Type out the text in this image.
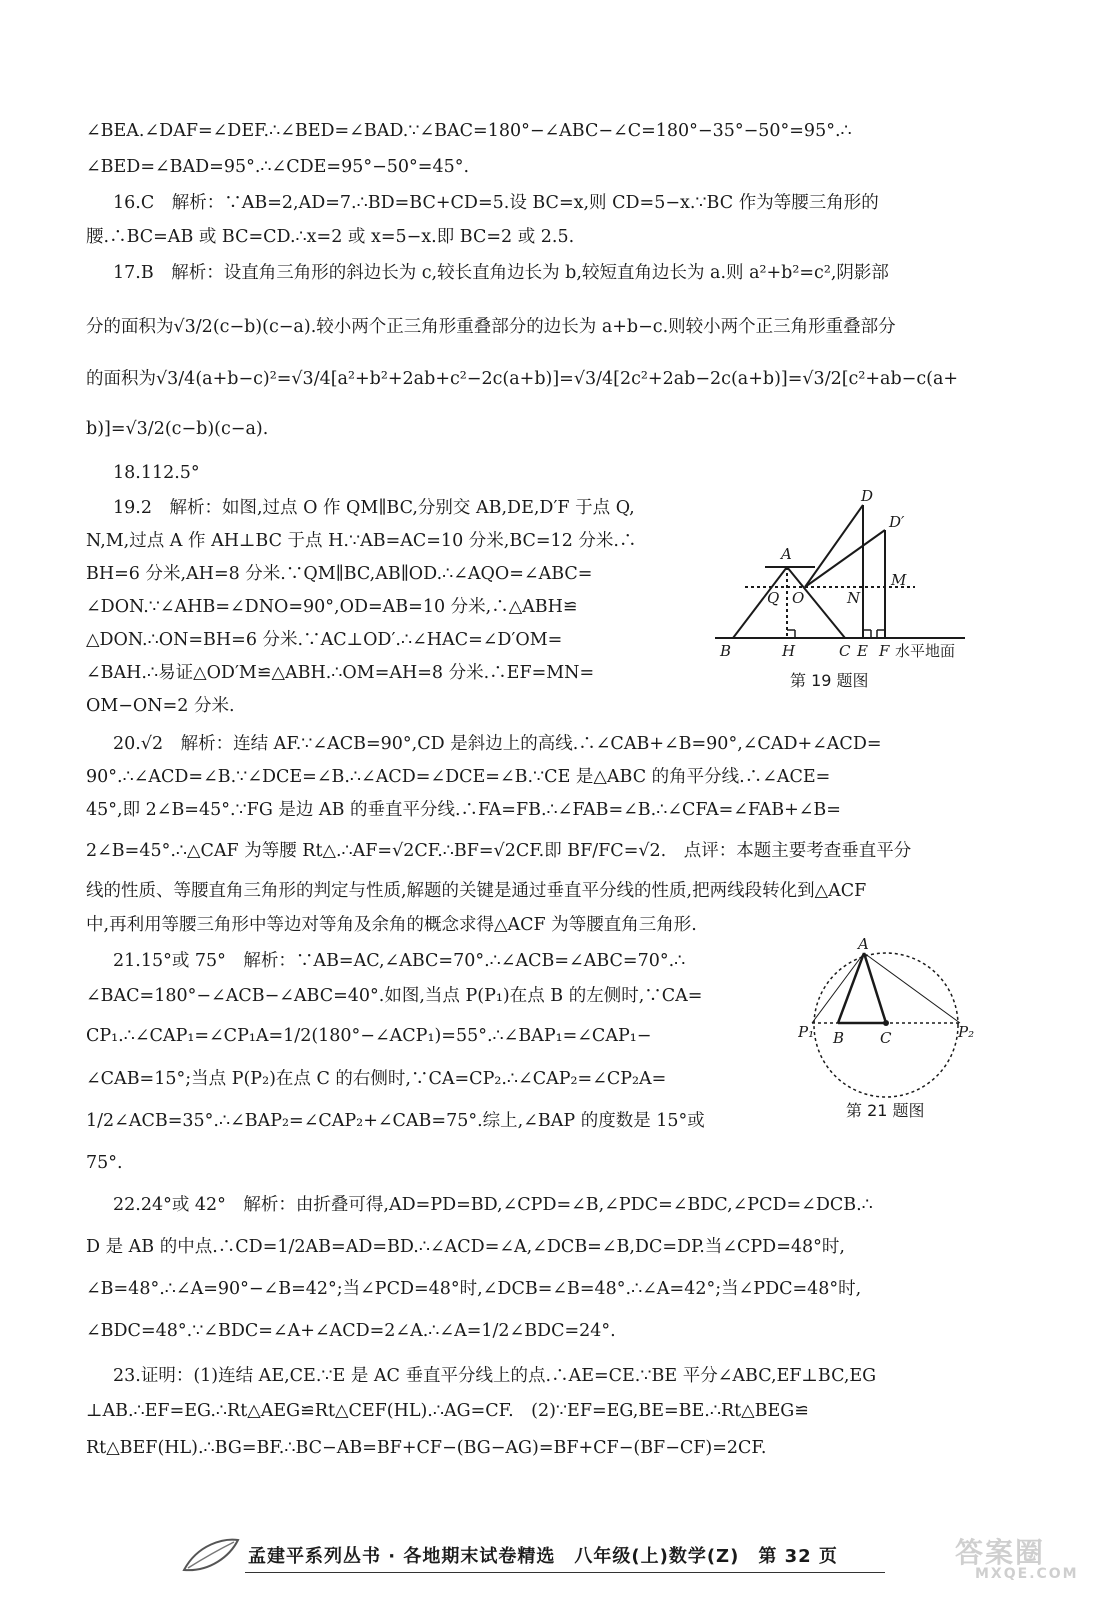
∠BEA.∠DAF=∠DEF.∴∠BED=∠BAD.∵∠BAC=180°−∠ABC−∠C=180°−35°−50°=95°.∴
∠BED=∠BAD=95°.∴∠CDE=95°−50°=45°.
16.C　解析：∵AB=2,AD=7.∴BD=BC+CD=5.设 BC=x,则 CD=5−x.∵BC 作为等腰三角形的
腰.∴BC=AB 或 BC=CD.∴x=2 或 x=5−x.即 BC=2 或 2.5.
17.B　解析：设直角三角形的斜边长为 c,较长直角边长为 b,较短直角边长为 a.则 a²+b²=c²,阴影部
分的面积为√3/2(c−b)(c−a).较小两个正三角形重叠部分的边长为 a+b−c.则较小两个正三角形重叠部分
的面积为√3/4(a+b−c)²=√3/4[a²+b²+2ab+c²−2c(a+b)]=√3/4[2c²+2ab−2c(a+b)]=√3/2[c²+ab−c(a+
b)]=√3/2(c−b)(c−a).
18.112.5°
19.2　解析：如图,过点 O 作 QM∥BC,分别交 AB,DE,D′F 于点 Q,
N,M,过点 A 作 AH⊥BC 于点 H.∵AB=AC=10 分米,BC=12 分米.∴
BH=6 分米,AH=8 分米.∵QM∥BC,AB∥OD.∴∠AQO=∠ABC=
∠DON.∵∠AHB=∠DNO=90°,OD=AB=10 分米,∴△ABH≌
△DON.∴ON=BH=6 分米.∵AC⊥OD′.∴∠HAC=∠D′OM=
∠BAH.∴易证△OD′M≌△ABH.∴OM=AH=8 分米.∴EF=MN=
OM−ON=2 分米.
20.√2　解析：连结 AF.∵∠ACB=90°,CD 是斜边上的高线.∴∠CAB+∠B=90°,∠CAD+∠ACD=
90°.∴∠ACD=∠B.∵∠DCE=∠B.∴∠ACD=∠DCE=∠B.∵CE 是△ABC 的角平分线.∴∠ACE=
45°,即 2∠B=45°.∵FG 是边 AB 的垂直平分线.∴FA=FB.∴∠FAB=∠B.∴∠CFA=∠FAB+∠B=
2∠B=45°.∴△CAF 为等腰 Rt△.∴AF=√2CF.∴BF=√2CF.即 BF/FC=√2.　点评：本题主要考查垂直平分
线的性质、等腰直角三角形的判定与性质,解题的关键是通过垂直平分线的性质,把两线段转化到△ACF
中,再利用等腰三角形中等边对等角及余角的概念求得△ACF 为等腰直角三角形.
21.15°或 75°　解析：∵AB=AC,∠ABC=70°.∴∠ACB=∠ABC=70°.∴
∠BAC=180°−∠ACB−∠ABC=40°.如图,当点 P(P₁)在点 B 的左侧时,∵CA=
CP₁.∴∠CAP₁=∠CP₁A=1/2(180°−∠ACP₁)=55°.∴∠BAP₁=∠CAP₁−
∠CAB=15°;当点 P(P₂)在点 C 的右侧时,∵CA=CP₂.∴∠CAP₂=∠CP₂A=
1/2∠ACB=35°.∴∠BAP₂=∠CAP₂+∠CAB=75°.综上,∠BAP 的度数是 15°或
75°.
22.24°或 42°　解析：由折叠可得,AD=PD=BD,∠CPD=∠B,∠PDC=∠BDC,∠PCD=∠DCB.∴
D 是 AB 的中点.∴CD=1/2AB=AD=BD.∴∠ACD=∠A,∠DCB=∠B,DC=DP.当∠CPD=48°时,
∠B=48°.∴∠A=90°−∠B=42°;当∠PCD=48°时,∠DCB=∠B=48°.∴∠A=42°;当∠PDC=48°时,
∠BDC=48°.∵∠BDC=∠A+∠ACD=2∠A.∴∠A=1/2∠BDC=24°.
23.证明：(1)连结 AE,CE.∵E 是 AC 垂直平分线上的点.∴AE=CE.∵BE 平分∠ABC,EF⊥BC,EG
⊥AB.∴EF=EG.∴Rt△AEG≌Rt△CEF(HL).∴AG=CF.　(2)∵EF=EG,BE=BE.∴Rt△BEG≌
Rt△BEF(HL).∴BG=BF.∴BC−AB=BF+CF−(BG−AG)=BF+CF−(BF−CF)=2CF.
A
B	H	C E F
D
D′
M
N
O
Q
水平地面
第 19 题图
A
B C
P₁	P₂
第 21 题图
孟建平系列丛书 · 各地期末试卷精选　八年级(上)数学(Z)　第 32 页	答案圈
MXQE.COM
